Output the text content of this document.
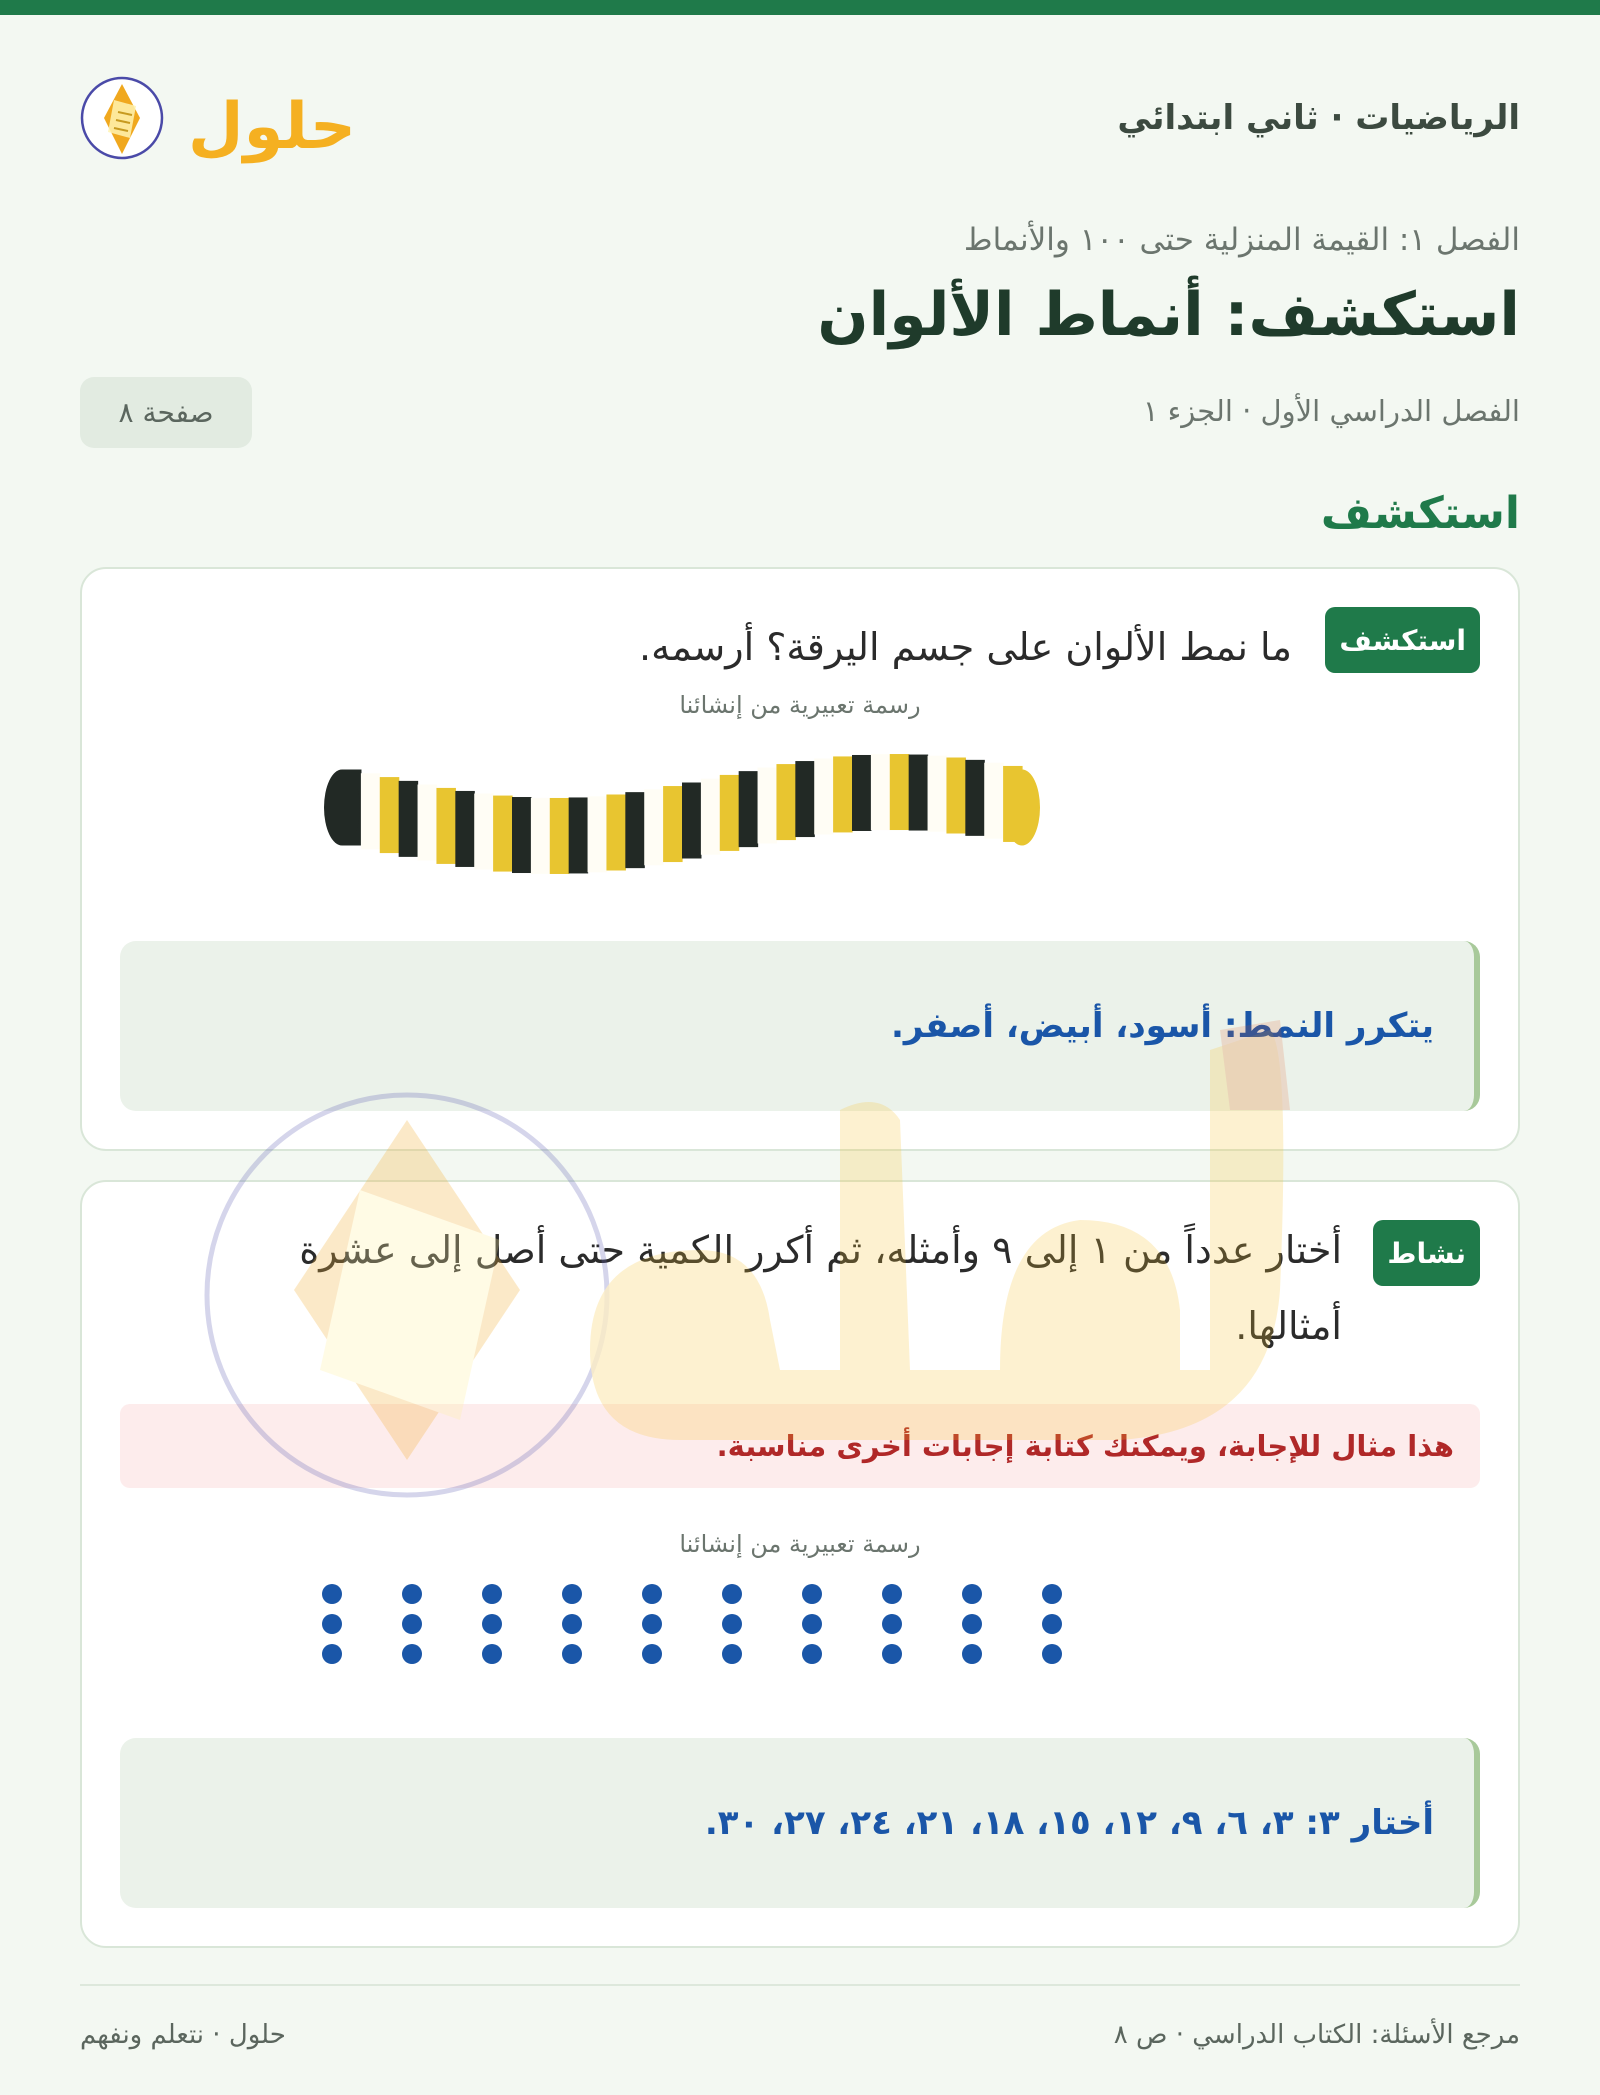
الرياضيات · ثاني ابتدائي
حلول
الفصل ١: القيمة المنزلية حتى ١٠٠ والأنماط
استكشف: أنماط الألوان
الفصل الدراسي الأول · الجزء ١
صفحة ٨
استكشف
استكشف
ما نمط الألوان على جسم اليرقة؟ أرسمه.
رسمة تعبيرية من إنشائنا
يتكرر النمط: أسود، أبيض، أصفر.
نشاط
أختار عدداً من ١ إلى ٩ وأمثله، ثم أكرر الكمية حتى أصل إلى عشرة أمثالها.
هذا مثال للإجابة، ويمكنك كتابة إجابات أخرى مناسبة.
رسمة تعبيرية من إنشائنا
أختار ٣: ٣، ٦، ٩، ١٢، ١٥، ١٨، ٢١، ٢٤، ٢٧، ٣٠.
مرجع الأسئلة: الكتاب الدراسي · ص ٨
حلول · نتعلم ونفهم
